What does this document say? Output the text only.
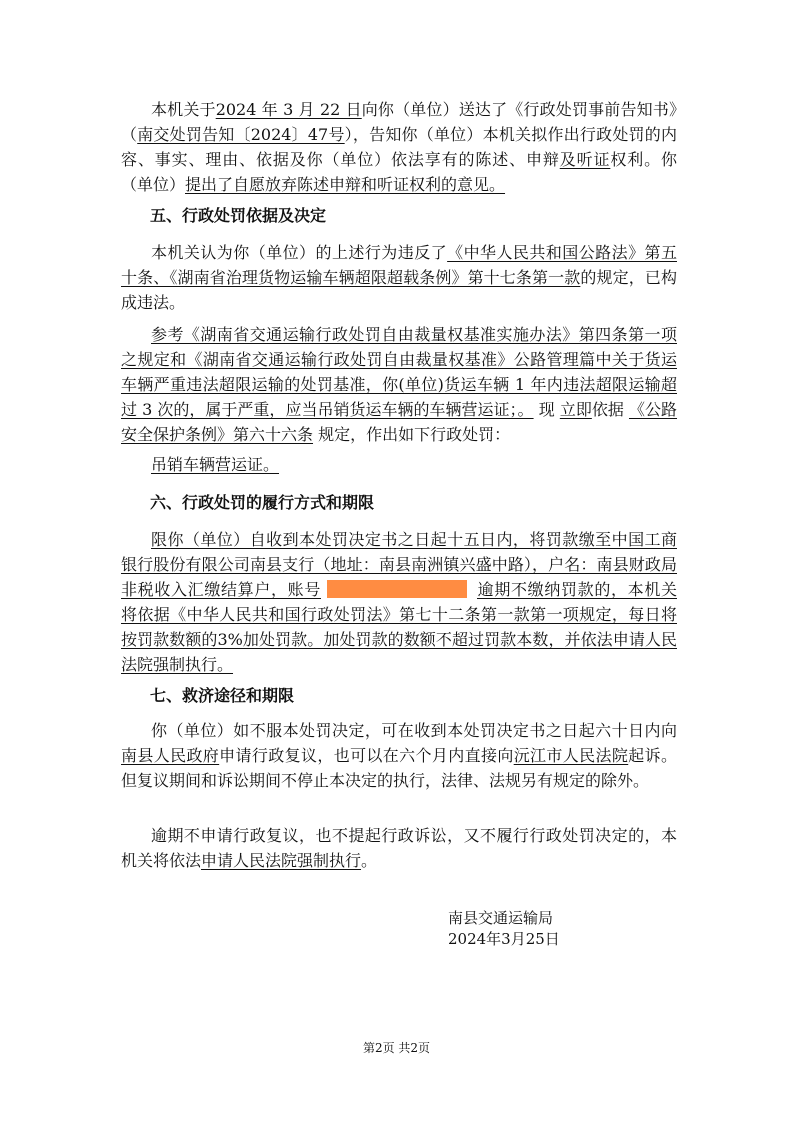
本机关于2024 年 3 月 22 日向你（单位）送达了《行政处罚事前告知书》（南交处罚告知〔2024〕47号），告知你（单位）本机关拟作出行政处罚的内容、事实、理由、依据及你（单位）依法享有的陈述、申辩及听证权利。你（单位）提出了自愿放弃陈述申辩和听证权利的意见。
五、行政处罚依据及决定
本机关认为你（单位）的上述行为违反了《中华人民共和国公路法》第五十条、《湖南省治理货物运输车辆超限超载条例》第十七条第一款的规定，已构成违法。
参考《湖南省交通运输行政处罚自由裁量权基准实施办法》第四条第一项之规定和《湖南省交通运输行政处罚自由裁量权基准》公路管理篇中关于货运车辆严重违法超限运输的处罚基准，你(单位)货运车辆 1 年内违法超限运输超过 3 次的，属于严重，应当吊销货运车辆的车辆营运证；。 现 立即依据 《公路安全保护条例》第六十六条 规定，作出如下行政处罚：
吊销车辆营运证。
六、行政处罚的履行方式和期限
限你（单位）自收到本处罚决定书之日起十五日内，将罚款缴至中国工商银行股份有限公司南县支行（地址：南县南洲镇兴盛中路），户名：南县财政局非税收入汇缴结算户，账号	逾期不缴纳罚款的，本机关将依据《中华人民共和国行政处罚法》第七十二条第一款第一项规定，每日将按罚款数额的3%加处罚款。加处罚款的数额不超过罚款本数，并依法申请人民法院强制执行。
七、救济途径和期限
你（单位）如不服本处罚决定，可在收到本处罚决定书之日起六十日内向南县人民政府申请行政复议，也可以在六个月内直接向沅江市人民法院起诉。但复议期间和诉讼期间不停止本决定的执行，法律、法规另有规定的除外。
逾期不申请行政复议，也不提起行政诉讼，又不履行行政处罚决定的，本机关将依法申请人民法院强制执行。
南县交通运输局
2024年3月25日
第2页 共2页
